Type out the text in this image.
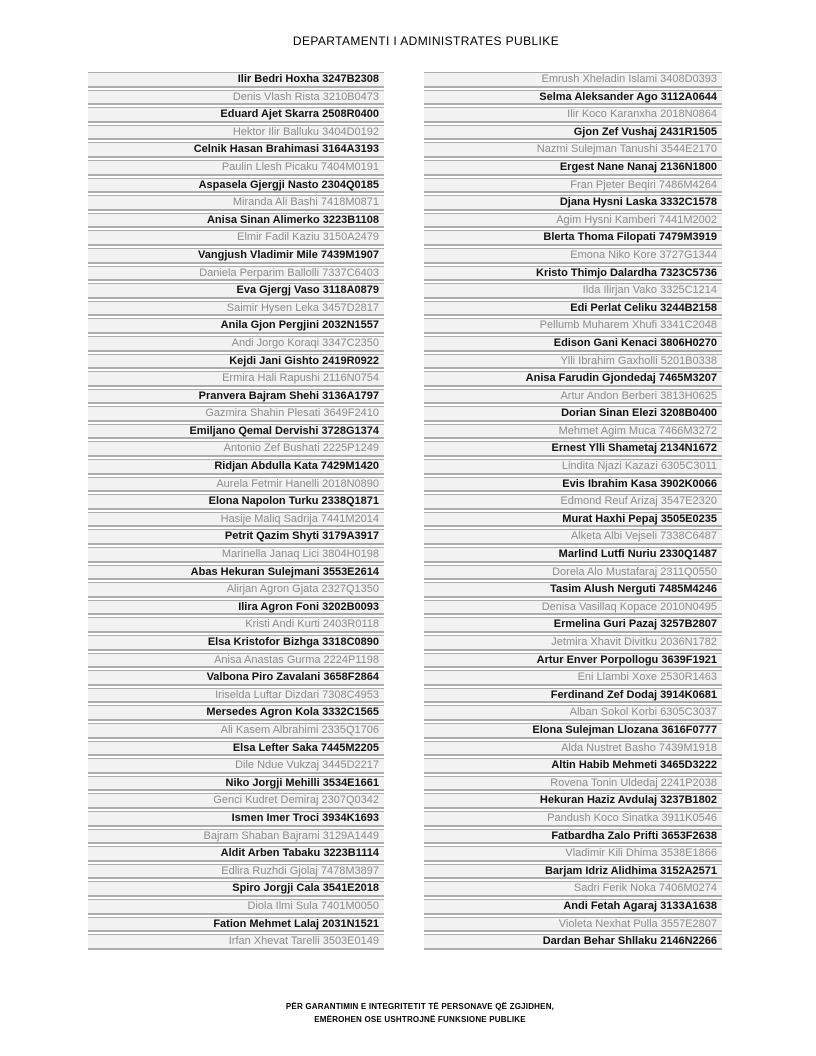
DEPARTAMENTI I ADMINISTRATES PUBLIKE
Ilir Bedri Hoxha 3247B2308
Denis Vlash Rista 3210B0473
Eduard Ajet Skarra 2508R0400
Hektor Ilir Balluku 3404D0192
Celnik Hasan Brahimasi 3164A3193
Paulin Llesh Picaku 7404M0191
Aspasela Gjergji Nasto 2304Q0185
Miranda Ali Bashi 7418M0871
Anisa Sinan Alimerko 3223B1108
Elmir Fadil Kaziu 3150A2479
Vangjush Vladimir Mile 7439M1907
Daniela Perparim Ballolli 7337C6403
Eva Gjergj Vaso 3118A0879
Saimir Hysen Leka 3457D2817
Anila Gjon Pergjini 2032N1557
Andi Jorgo Koraqi 3347C2350
Kejdi Jani Gishto 2419R0922
Ermira Hali Rapushi 2116N0754
Pranvera Bajram Shehi 3136A1797
Gazmira Shahin Plesati 3649F2410
Emiljano Qemal Dervishi 3728G1374
Antonio Zef Bushati 2225P1249
Ridjan Abdulla Kata 7429M1420
Aurela Fetmir Hanelli 2018N0890
Elona Napolon Turku 2338Q1871
Hasije Maliq Sadrija 7441M2014
Petrit Qazim Shyti 3179A3917
Marinella Janaq Lici 3804H0198
Abas Hekuran Sulejmani 3553E2614
Alirjan Agron Gjata 2327Q1350
Ilira Agron Foni 3202B0093
Kristi Andi Kurti 2403R0118
Elsa Kristofor Bizhga 3318C0890
Anisa Anastas Gurma 2224P1198
Valbona Piro Zavalani 3658F2864
Iriselda Luftar Dizdari 7308C4953
Mersedes Agron Kola 3332C1565
Ali Kasem Albrahimi 2335Q1706
Elsa Lefter Saka 7445M2205
Dile Ndue Vukzaj 3445D2217
Niko Jorgji Mehilli 3534E1661
Genci Kudret Demiraj 2307Q0342
Ismen Imer Troci 3934K1693
Bajram Shaban Bajrami 3129A1449
Aldit Arben Tabaku 3223B1114
Edlira Ruzhdi Gjolaj 7478M3897
Spiro Jorgji Cala 3541E2018
Diola Ilmi Sula 7401M0050
Fation Mehmet Lalaj 2031N1521
Irfan Xhevat Tarelli 3503E0149
Emrush Xheladin Islami 3408D0393
Selma Aleksander Ago 3112A0644
Ilir Koco Karanxha 2018N0864
Gjon Zef Vushaj 2431R1505
Nazmi Sulejman Tanushi 3544E2170
Ergest Nane Nanaj 2136N1800
Fran Pjeter Beqiri 7486M4264
Djana Hysni Laska 3332C1578
Agim Hysni Kamberi 7441M2002
Blerta Thoma Filopati 7479M3919
Emona Niko Kore 3727G1344
Kristo Thimjo Dalardha 7323C5736
Ilda Ilirjan Vako 3325C1214
Edi Perlat Celiku 3244B2158
Pellumb Muharem Xhufi 3341C2048
Edison Gani Kenaci 3806H0270
Ylli Ibrahim Gaxholli 5201B0338
Anisa Farudin Gjondedaj 7465M3207
Artur Andon Berberi 3813H0625
Dorian Sinan Elezi 3208B0400
Mehmet Agim Muca 7466M3272
Ernest Ylli Shametaj 2134N1672
Lindita Njazi Kazazi 6305C3011
Evis Ibrahim Kasa 3902K0066
Edmond Reuf Arizaj 3547E2320
Murat Haxhi Pepaj 3505E0235
Alketa Albi Vejseli 7338C6487
Marlind Lutfi Nuriu 2330Q1487
Dorela Alo Mustafaraj 2311Q0550
Tasim Alush Nerguti 7485M4246
Denisa Vasillaq Kopace 2010N0495
Ermelina Guri Pazaj 3257B2807
Jetmira Xhavit Divitku 2036N1782
Artur Enver Porpollogu 3639F1921
Eni Llambi Xoxe 2530R1463
Ferdinand Zef Dodaj 3914K0681
Alban Sokol Korbi 6305C3037
Elona Sulejman Llozana 3616F0777
Alda Nustret Basho 7439M1918
Altin Habib Mehmeti 3465D3222
Rovena Tonin Uldedaj 2241P2038
Hekuran Haziz Avdulaj 3237B1802
Pandush Koco Sinatka 3911K0546
Fatbardha Zalo Prifti 3653F2638
Vladimir Kili Dhima 3538E1866
Barjam Idriz Alidhima 3152A2571
Sadri Ferik Noka 7406M0274
Andi Fetah Agaraj 3133A1638
Violeta Nexhat Pulla 3557E2807
Dardan Behar Shllaku 2146N2266
PËR GARANTIMIN E INTEGRITETIT TË PERSONAVE QË ZGJIDHEN,
EMËROHEN OSE USHTROJNË FUNKSIONE PUBLIKE
